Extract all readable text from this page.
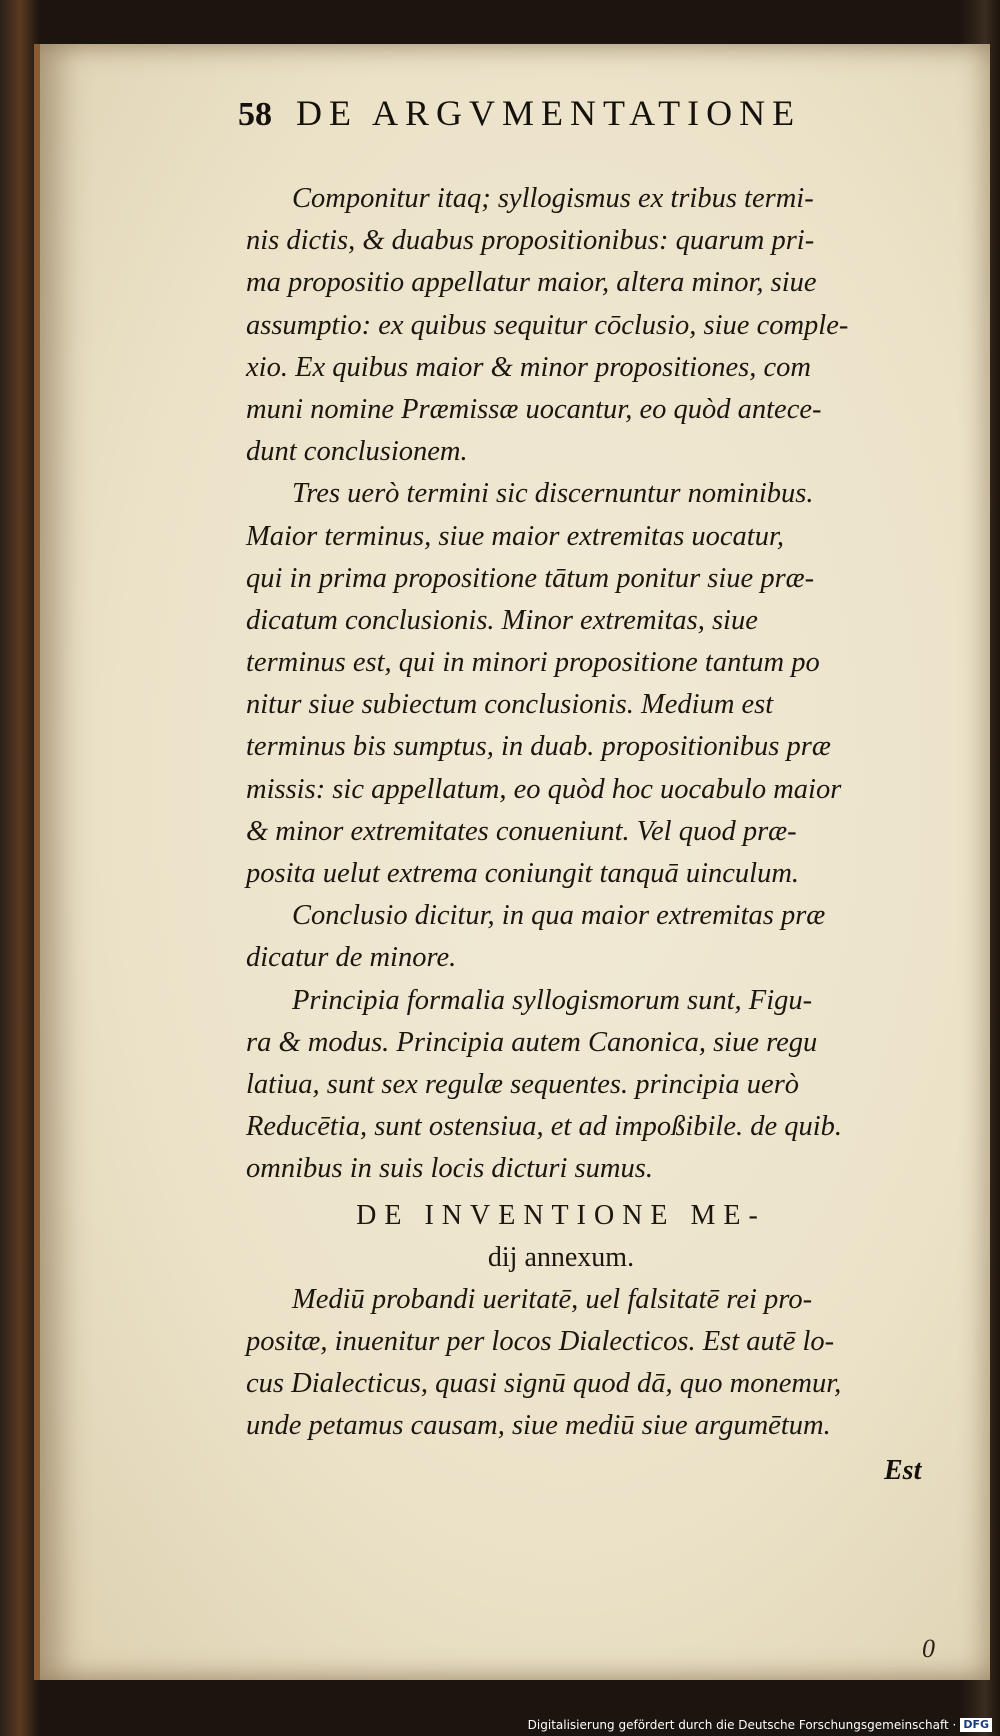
58 DE ARGVMENTATIONE
Componitur itaq; syllogismus ex tribus termi-
nis dictis, & duabus propositionibus: quarum pri-
ma propositio appellatur maior, altera minor, siue
assumptio: ex quibus sequitur cōclusio, siue comple-
xio. Ex quibus maior & minor propositiones, com
muni nomine Præmissæ uocantur, eo quòd antece-
dunt conclusionem.
Tres uerò termini sic discernuntur nominibus.
Maior terminus, siue maior extremitas uocatur,
qui in prima propositione tātum ponitur siue præ-
dicatum conclusionis. Minor extremitas, siue
terminus est, qui in minori propositione tantum po
nitur siue subiectum conclusionis. Medium est
terminus bis sumptus, in duab. propositionibus præ
missis: sic appellatum, eo quòd hoc uocabulo maior
& minor extremitates conueniunt. Vel quod præ-
posita uelut extrema coniungit tanquā uinculum.
Conclusio dicitur, in qua maior extremitas præ
dicatur de minore.
Principia formalia syllogismorum sunt, Figu-
ra & modus. Principia autem Canonica, siue regu
latiua, sunt sex regulæ sequentes. principia uerò
Reducētia, sunt ostensiua, et ad impoßibile. de quib.
omnibus in suis locis dicturi sumus.
DE INVENTIONE ME-
dij annexum.
Mediū probandi ueritatē, uel falsitatē rei pro-
positæ, inuenitur per locos Dialecticos. Est autē lo-
cus Dialecticus, quasi signū quod dā, quo monemur,
unde petamus causam, siue mediū siue argumētum.
Est
0
Digitalisierung gefördert durch die Deutsche Forschungsgemeinschaft · DFG
